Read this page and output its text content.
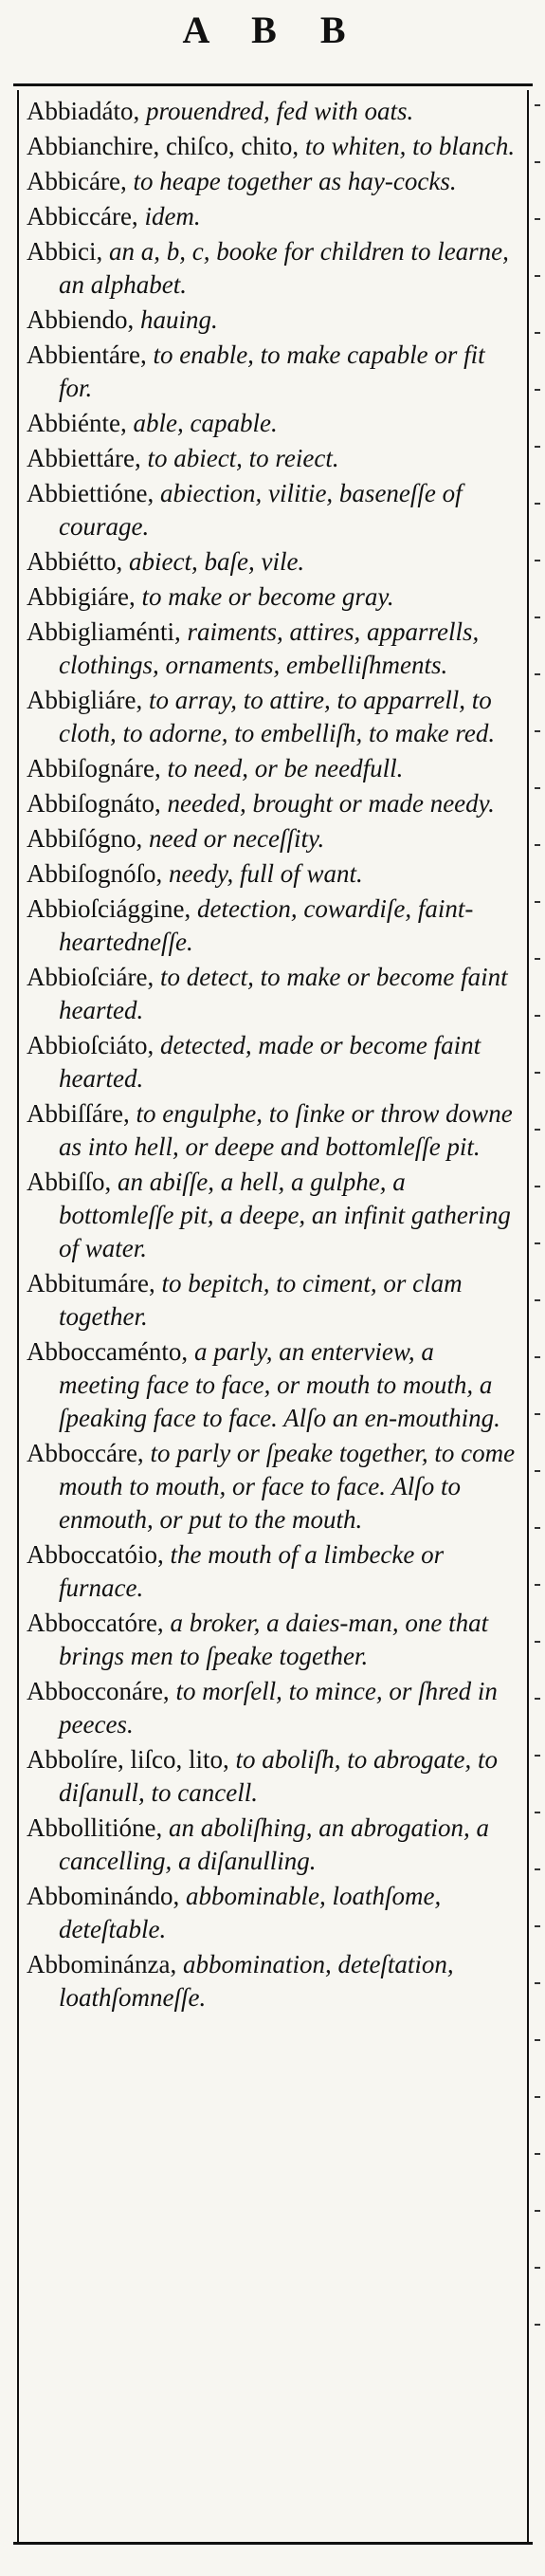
A B B
Abbiadáto, prouendred, fed with oats.
Abbianchire, chiſco, chito, to whiten, to blanch.
Abbicáre, to heape together as hay-cocks.
Abbiccáre, idem.
Abbici, an a, b, c, booke for children to learne, an alphabet.
Abbiendo, hauing.
Abbientáre, to enable, to make capable or fit for.
Abbiénte, able, capable.
Abbiettáre, to abiect, to reiect.
Abbiettióne, abiection, vilitie, baseneſſe of courage.
Abbiétto, abiect, baſe, vile.
Abbigiáre, to make or become gray.
Abbigliaménti, raiments, attires, apparrells, clothings, ornaments, embelliſhments.
Abbigliáre, to array, to attire, to apparrell, to cloth, to adorne, to embelliſh, to make red.
Abbiſognáre, to need, or be needfull.
Abbiſognáto, needed, brought or made needy.
Abbiſógno, need or neceſſity.
Abbiſognóſo, needy, full of want.
Abbioſciággine, detection, cowardiſe, faint-heartedneſſe.
Abbioſciáre, to detect, to make or become faint hearted.
Abbioſciáto, detected, made or become faint hearted.
Abbiſſáre, to engulphe, to ſinke or throw downe as into hell, or deepe and bottomleſſe pit.
Abbiſſo, an abiſſe, a hell, a gulphe, a bottomleſſe pit, a deepe, an infinit gathering of water.
Abbitumáre, to bepitch, to ciment, or clam together.
Abboccaménto, a parly, an enterview, a meeting face to face, or mouth to mouth, a ſpeaking face to face. Alſo an en-mouthing.
Abboccáre, to parly or ſpeake together, to come mouth to mouth, or face to face. Alſo to enmouth, or put to the mouth.
Abboccatóio, the mouth of a limbecke or furnace.
Abboccatóre, a broker, a daies-man, one that brings men to ſpeake together.
Abbocconáre, to morſell, to mince, or ſhred in peeces.
Abbolíre, liſco, lito, to aboliſh, to abrogate, to diſanull, to cancell.
Abbollitióne, an aboliſhing, an abrogation, a cancelling, a diſanulling.
Abbominándo, abbominable, loathſome, deteſtable.
Abbominánza, abbomination, deteſtation, loathſomneſſe.
